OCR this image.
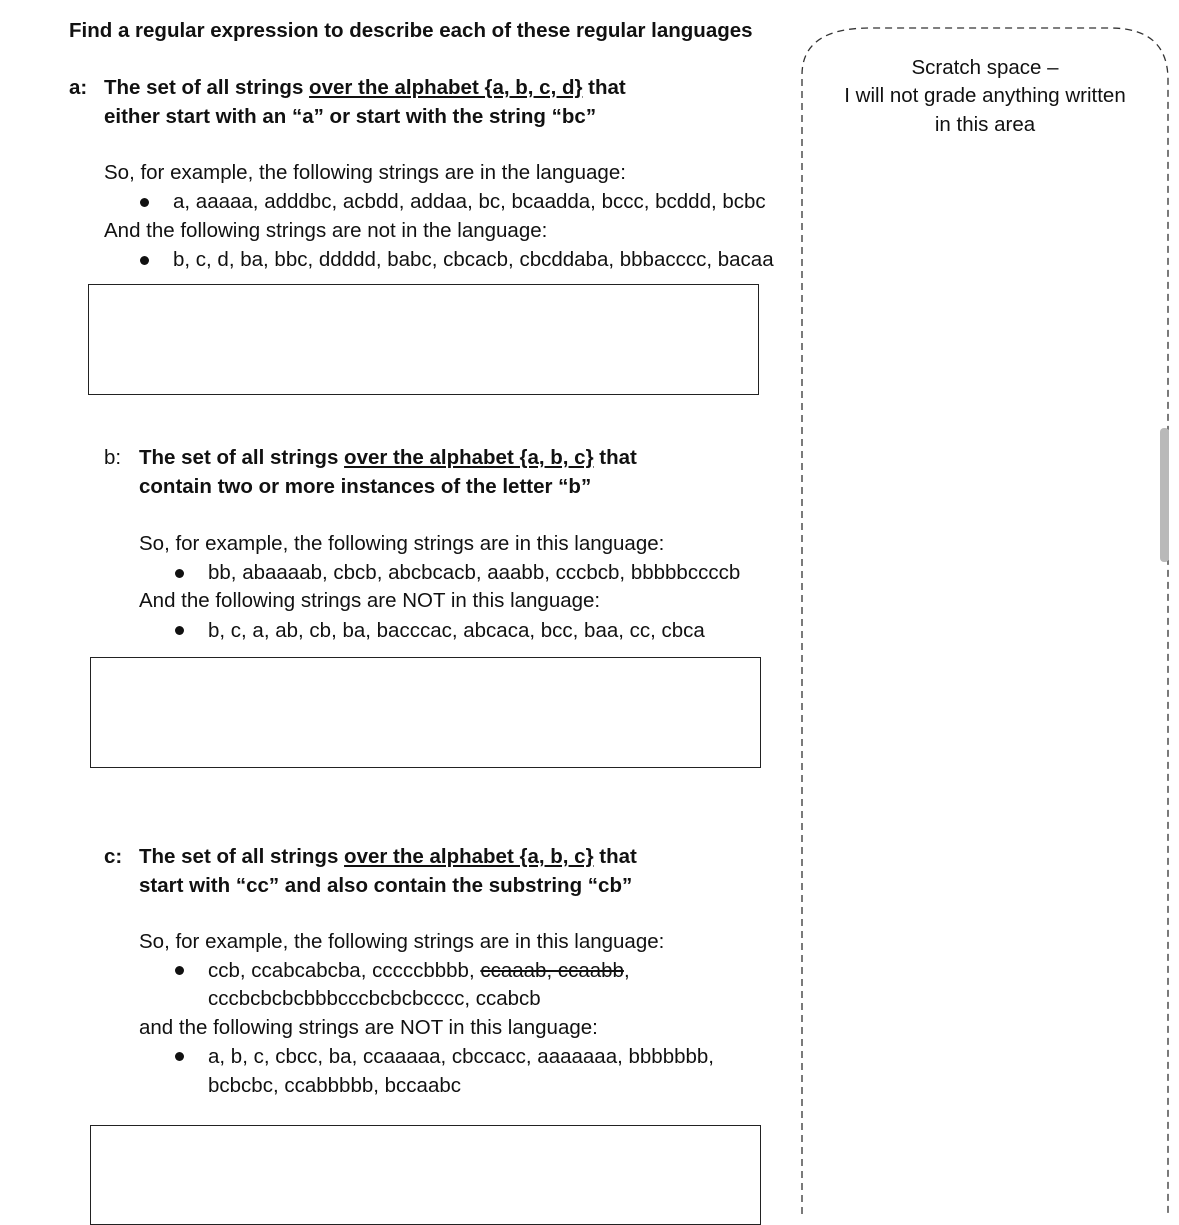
Find a regular expression to describe each of these regular languages
Scratch space –
I will not grade anything written
in this area
a: The set of all strings over the alphabet {a, b, c, d} that
either start with an “a” or start with the string “bc”
So, for example, the following strings are in the language:
a, aaaaa, adddbc, acbdd, addaa, bc, bcaadda, bccc, bcddd, bcbc
And the following strings are not in the language:
b, c, d, ba, bbc, ddddd, babc, cbcacb, cbcddaba, bbbacccc, bacaa
b: The set of all strings over the alphabet {a, b, c} that
contain two or more instances of the letter “b”
So, for example, the following strings are in this language:
bb, abaaaab, cbcb, abcbcacb, aaabb, cccbcb, bbbbbccccb
And the following strings are NOT in this language:
b, c, a, ab, cb, ba, bacccac, abcaca, bcc, baa, cc, cbca
c: The set of all strings over the alphabet {a, b, c} that
start with “cc” and also contain the substring “cb”
So, for example, the following strings are in this language:
ccb, ccabcabcba, cccccbbbb, ccaaab, ccaabb,
cccbcbcbcbbbcccbcbcbcccc, ccabcb
and the following strings are NOT in this language:
a, b, c, cbcc, ba, ccaaaaa, cbccacc, aaaaaaa, bbbbbbb,
bcbcbc, ccabbbbb, bccaabc
